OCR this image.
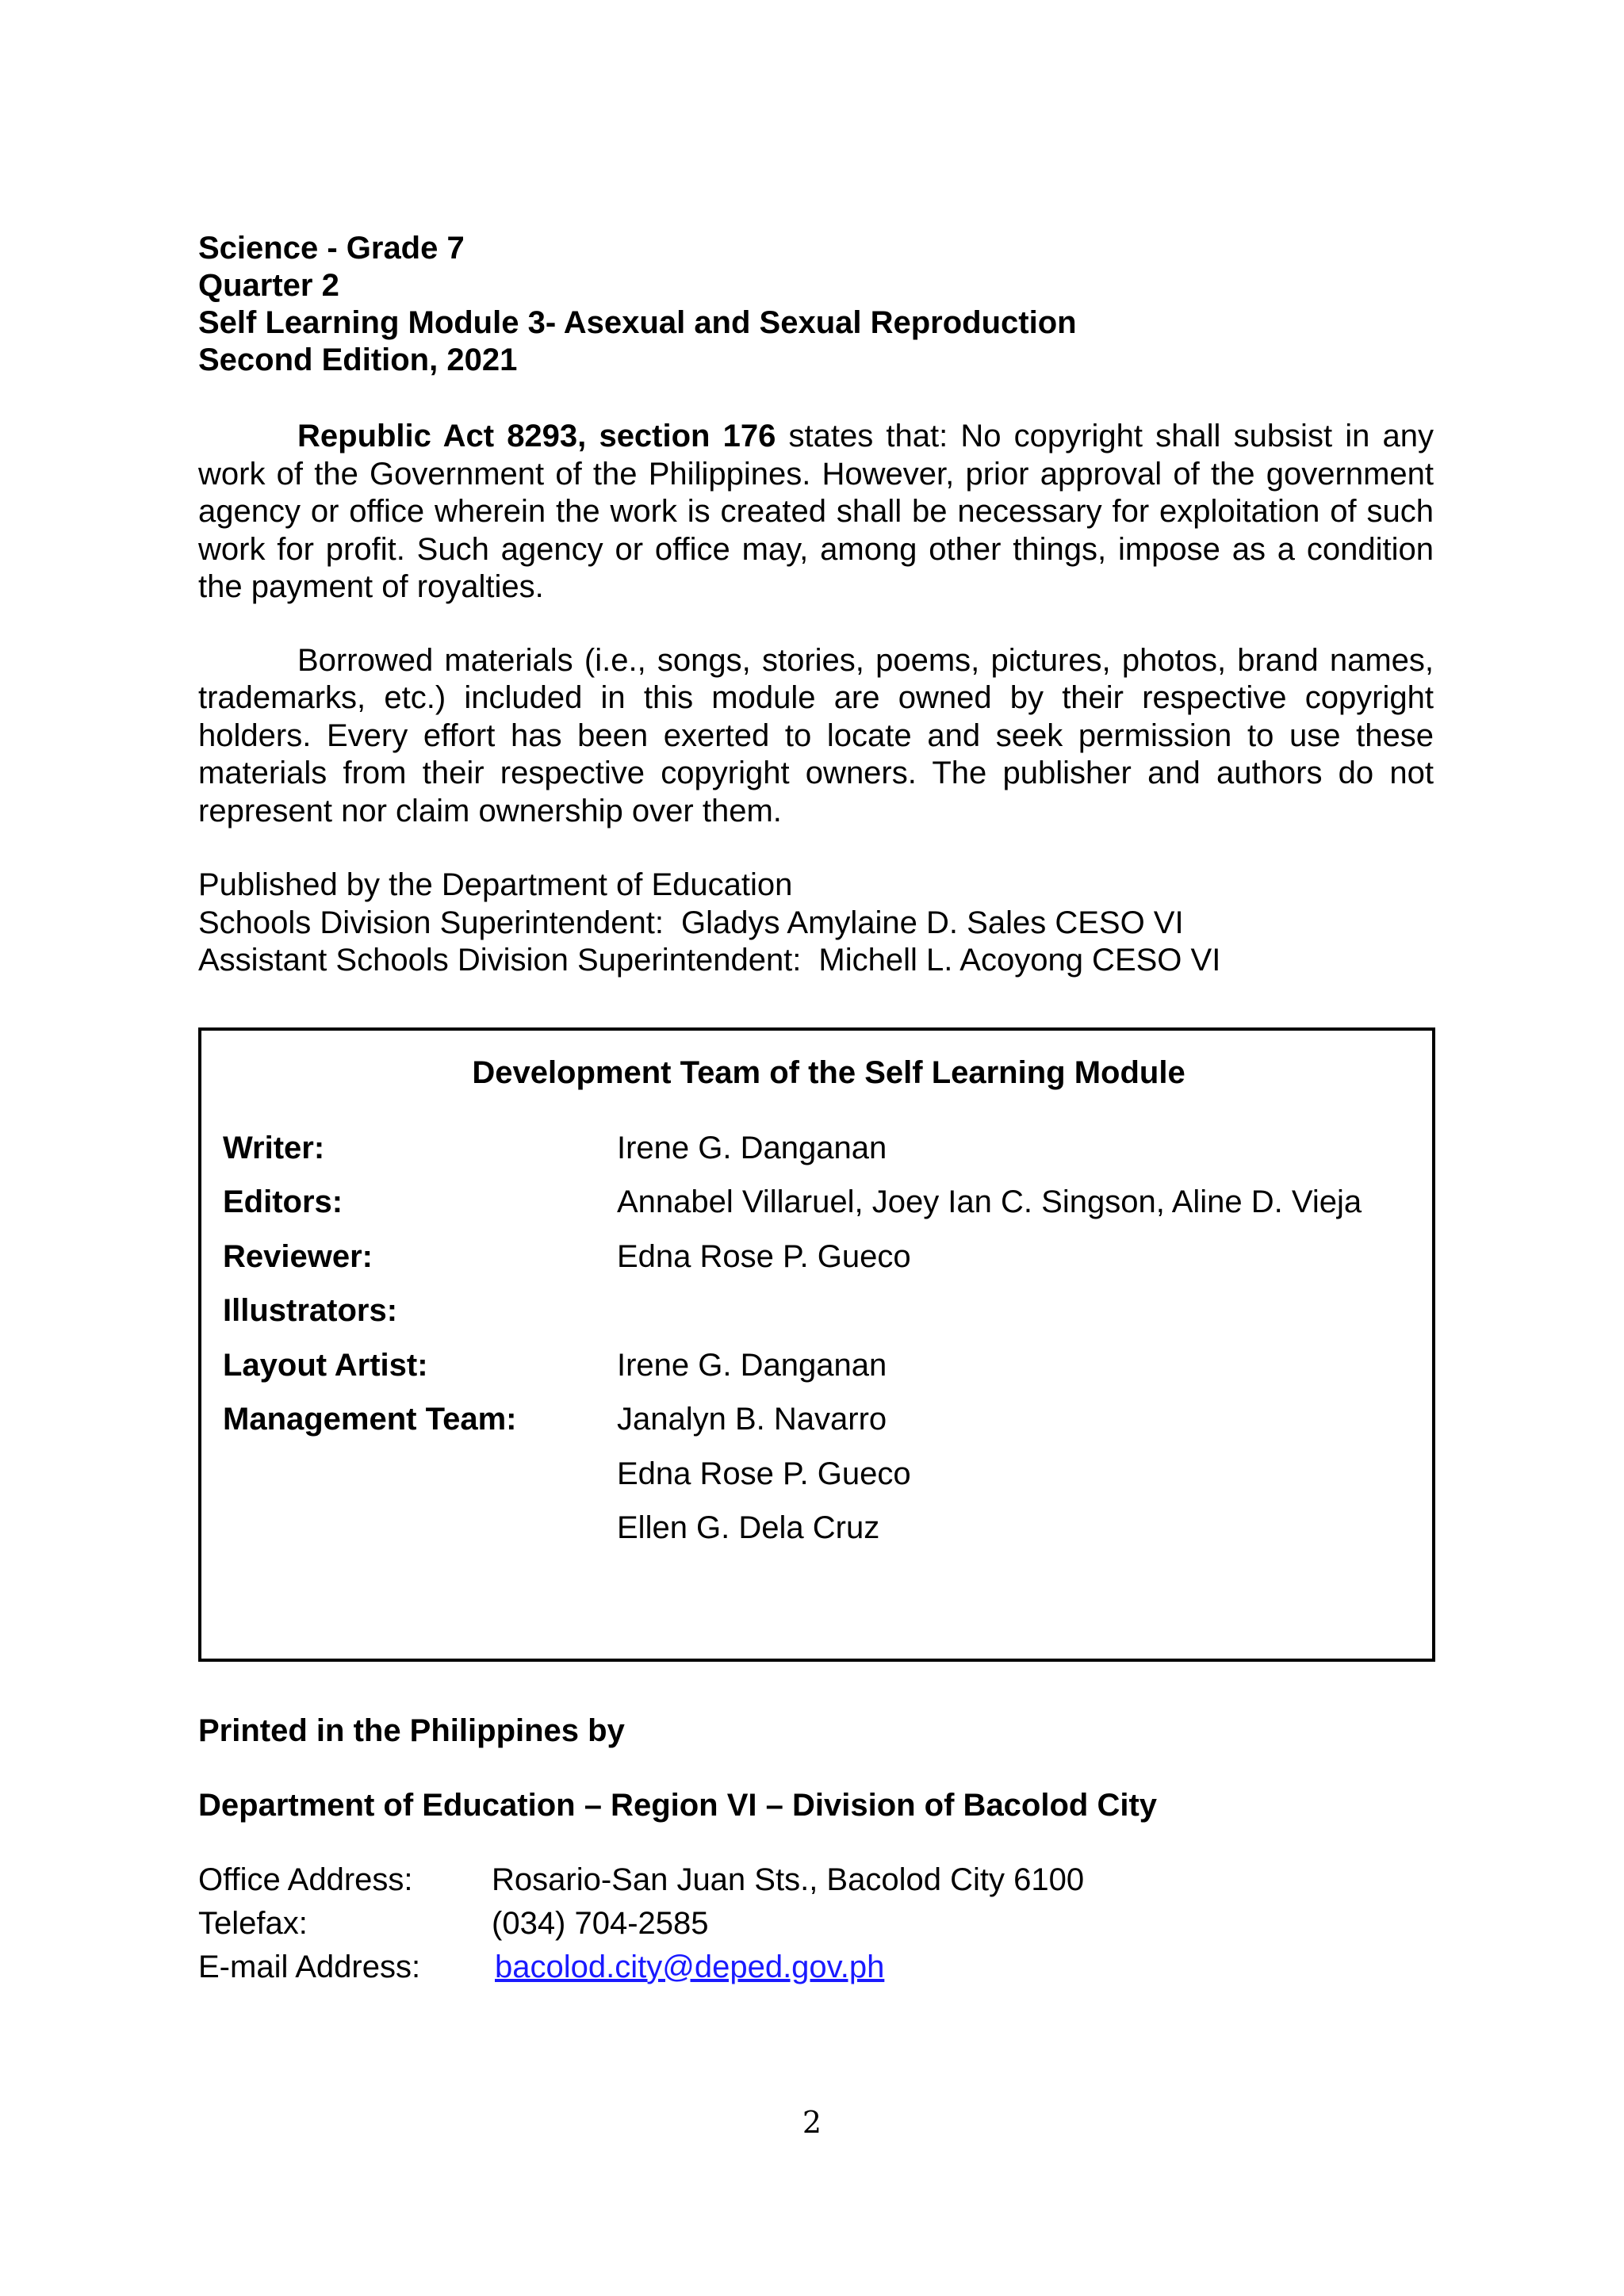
Science - Grade 7
Quarter 2
Self Learning Module 3- Asexual and Sexual Reproduction
Second Edition, 2021

Republic Act 8293, section 176 states that: No copyright shall subsist in any work of the Government of the Philippines. However, prior approval of the government agency or office wherein the work is created shall be necessary for exploitation of such work for profit. Such agency or office may, among other things, impose as a condition the payment of royalties.

Borrowed materials (i.e., songs, stories, poems, pictures, photos, brand names, trademarks, etc.) included in this module are owned by their respective copyright holders. Every effort has been exerted to locate and seek permission to use these materials from their respective copyright owners. The publisher and authors do not represent nor claim ownership over them.

Published by the Department of Education
Schools Division Superintendent: Gladys Amylaine D. Sales CESO VI
Assistant Schools Division Superintendent: Michell L. Acoyong CESO VI
Development Team of the Self Learning Module
Writer:	Irene G. Danganan
Editors:	Annabel Villaruel, Joey Ian C. Singson, Aline D. Vieja
Reviewer:	Edna Rose P. Gueco
Illustrators:
Layout Artist:	Irene G. Danganan
Management Team:	Janalyn B. Navarro
Edna Rose P. Gueco
Ellen G. Dela Cruz
Printed in the Philippines by
Department of Education – Region VI – Division of Bacolod City
Office Address:	Rosario-San Juan Sts., Bacolod City 6100
Telefax:	(034) 704-2585
E-mail Address:	bacolod.city@deped.gov.ph
2
